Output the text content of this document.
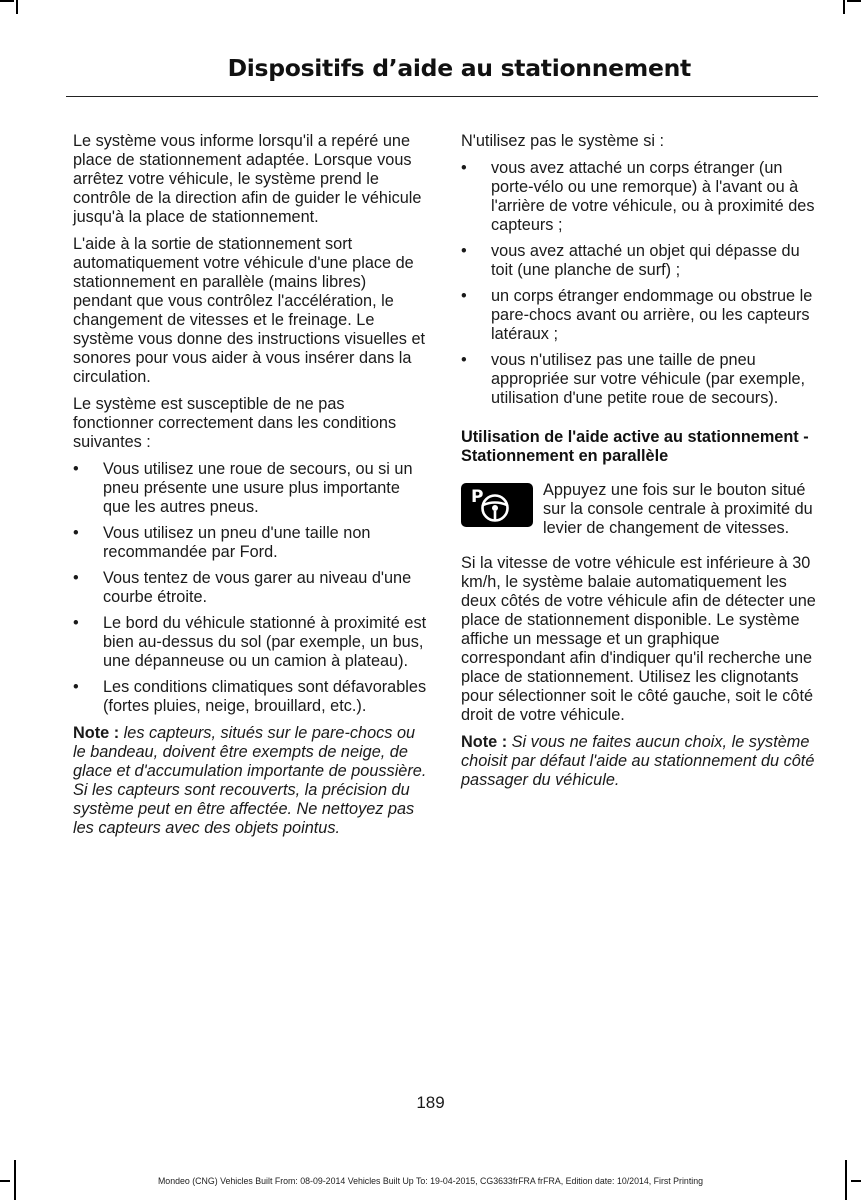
Dispositifs d’aide au stationnement

Le système vous informe lorsqu'il a repéré une place de stationnement adaptée. Lorsque vous arrêtez votre véhicule, le système prend le contrôle de la direction afin de guider le véhicule jusqu'à la place de stationnement.

L'aide à la sortie de stationnement sort automatiquement votre véhicule d'une place de stationnement en parallèle (mains libres) pendant que vous contrôlez l'accélération, le changement de vitesses et le freinage. Le système vous donne des instructions visuelles et sonores pour vous aider à vous insérer dans la circulation.

Le système est susceptible de ne pas fonctionner correctement dans les conditions suivantes :

• Vous utilisez une roue de secours, ou si un pneu présente une usure plus importante que les autres pneus.
• Vous utilisez un pneu d'une taille non recommandée par Ford.
• Vous tentez de vous garer au niveau d'une courbe étroite.
• Le bord du véhicule stationné à proximité est bien au-dessus du sol (par exemple, un bus, une dépanneuse ou un camion à plateau).
• Les conditions climatiques sont défavorables (fortes pluies, neige, brouillard, etc.).

Note : les capteurs, situés sur le pare-chocs ou le bandeau, doivent être exempts de neige, de glace et d'accumulation importante de poussière. Si les capteurs sont recouverts, la précision du système peut en être affectée. Ne nettoyez pas les capteurs avec des objets pointus.

N'utilisez pas le système si :

• vous avez attaché un corps étranger (un porte-vélo ou une remorque) à l'avant ou à l'arrière de votre véhicule, ou à proximité des capteurs ;
• vous avez attaché un objet qui dépasse du toit (une planche de surf) ;
• un corps étranger endommage ou obstrue le pare-chocs avant ou arrière, ou les capteurs latéraux ;
• vous n'utilisez pas une taille de pneu appropriée sur votre véhicule (par exemple, utilisation d'une petite roue de secours).
Utilisation de l'aide active au stationnement - Stationnement en parallèle
P	Appuyez une fois sur le bouton situé sur la console centrale à proximité du levier de changement de vitesses.

Si la vitesse de votre véhicule est inférieure à 30 km/h, le système balaie automatiquement les deux côtés de votre véhicule afin de détecter une place de stationnement disponible. Le système affiche un message et un graphique correspondant afin d'indiquer qu'il recherche une place de stationnement. Utilisez les clignotants pour sélectionner soit le côté gauche, soit le côté droit de votre véhicule.

Note : Si vous ne faites aucun choix, le système choisit par défaut l'aide au stationnement du côté passager du véhicule.

189
Mondeo (CNG) Vehicles Built From: 08-09-2014 Vehicles Built Up To: 19-04-2015, CG3633frFRA frFRA, Edition date: 10/2014, First Printing
